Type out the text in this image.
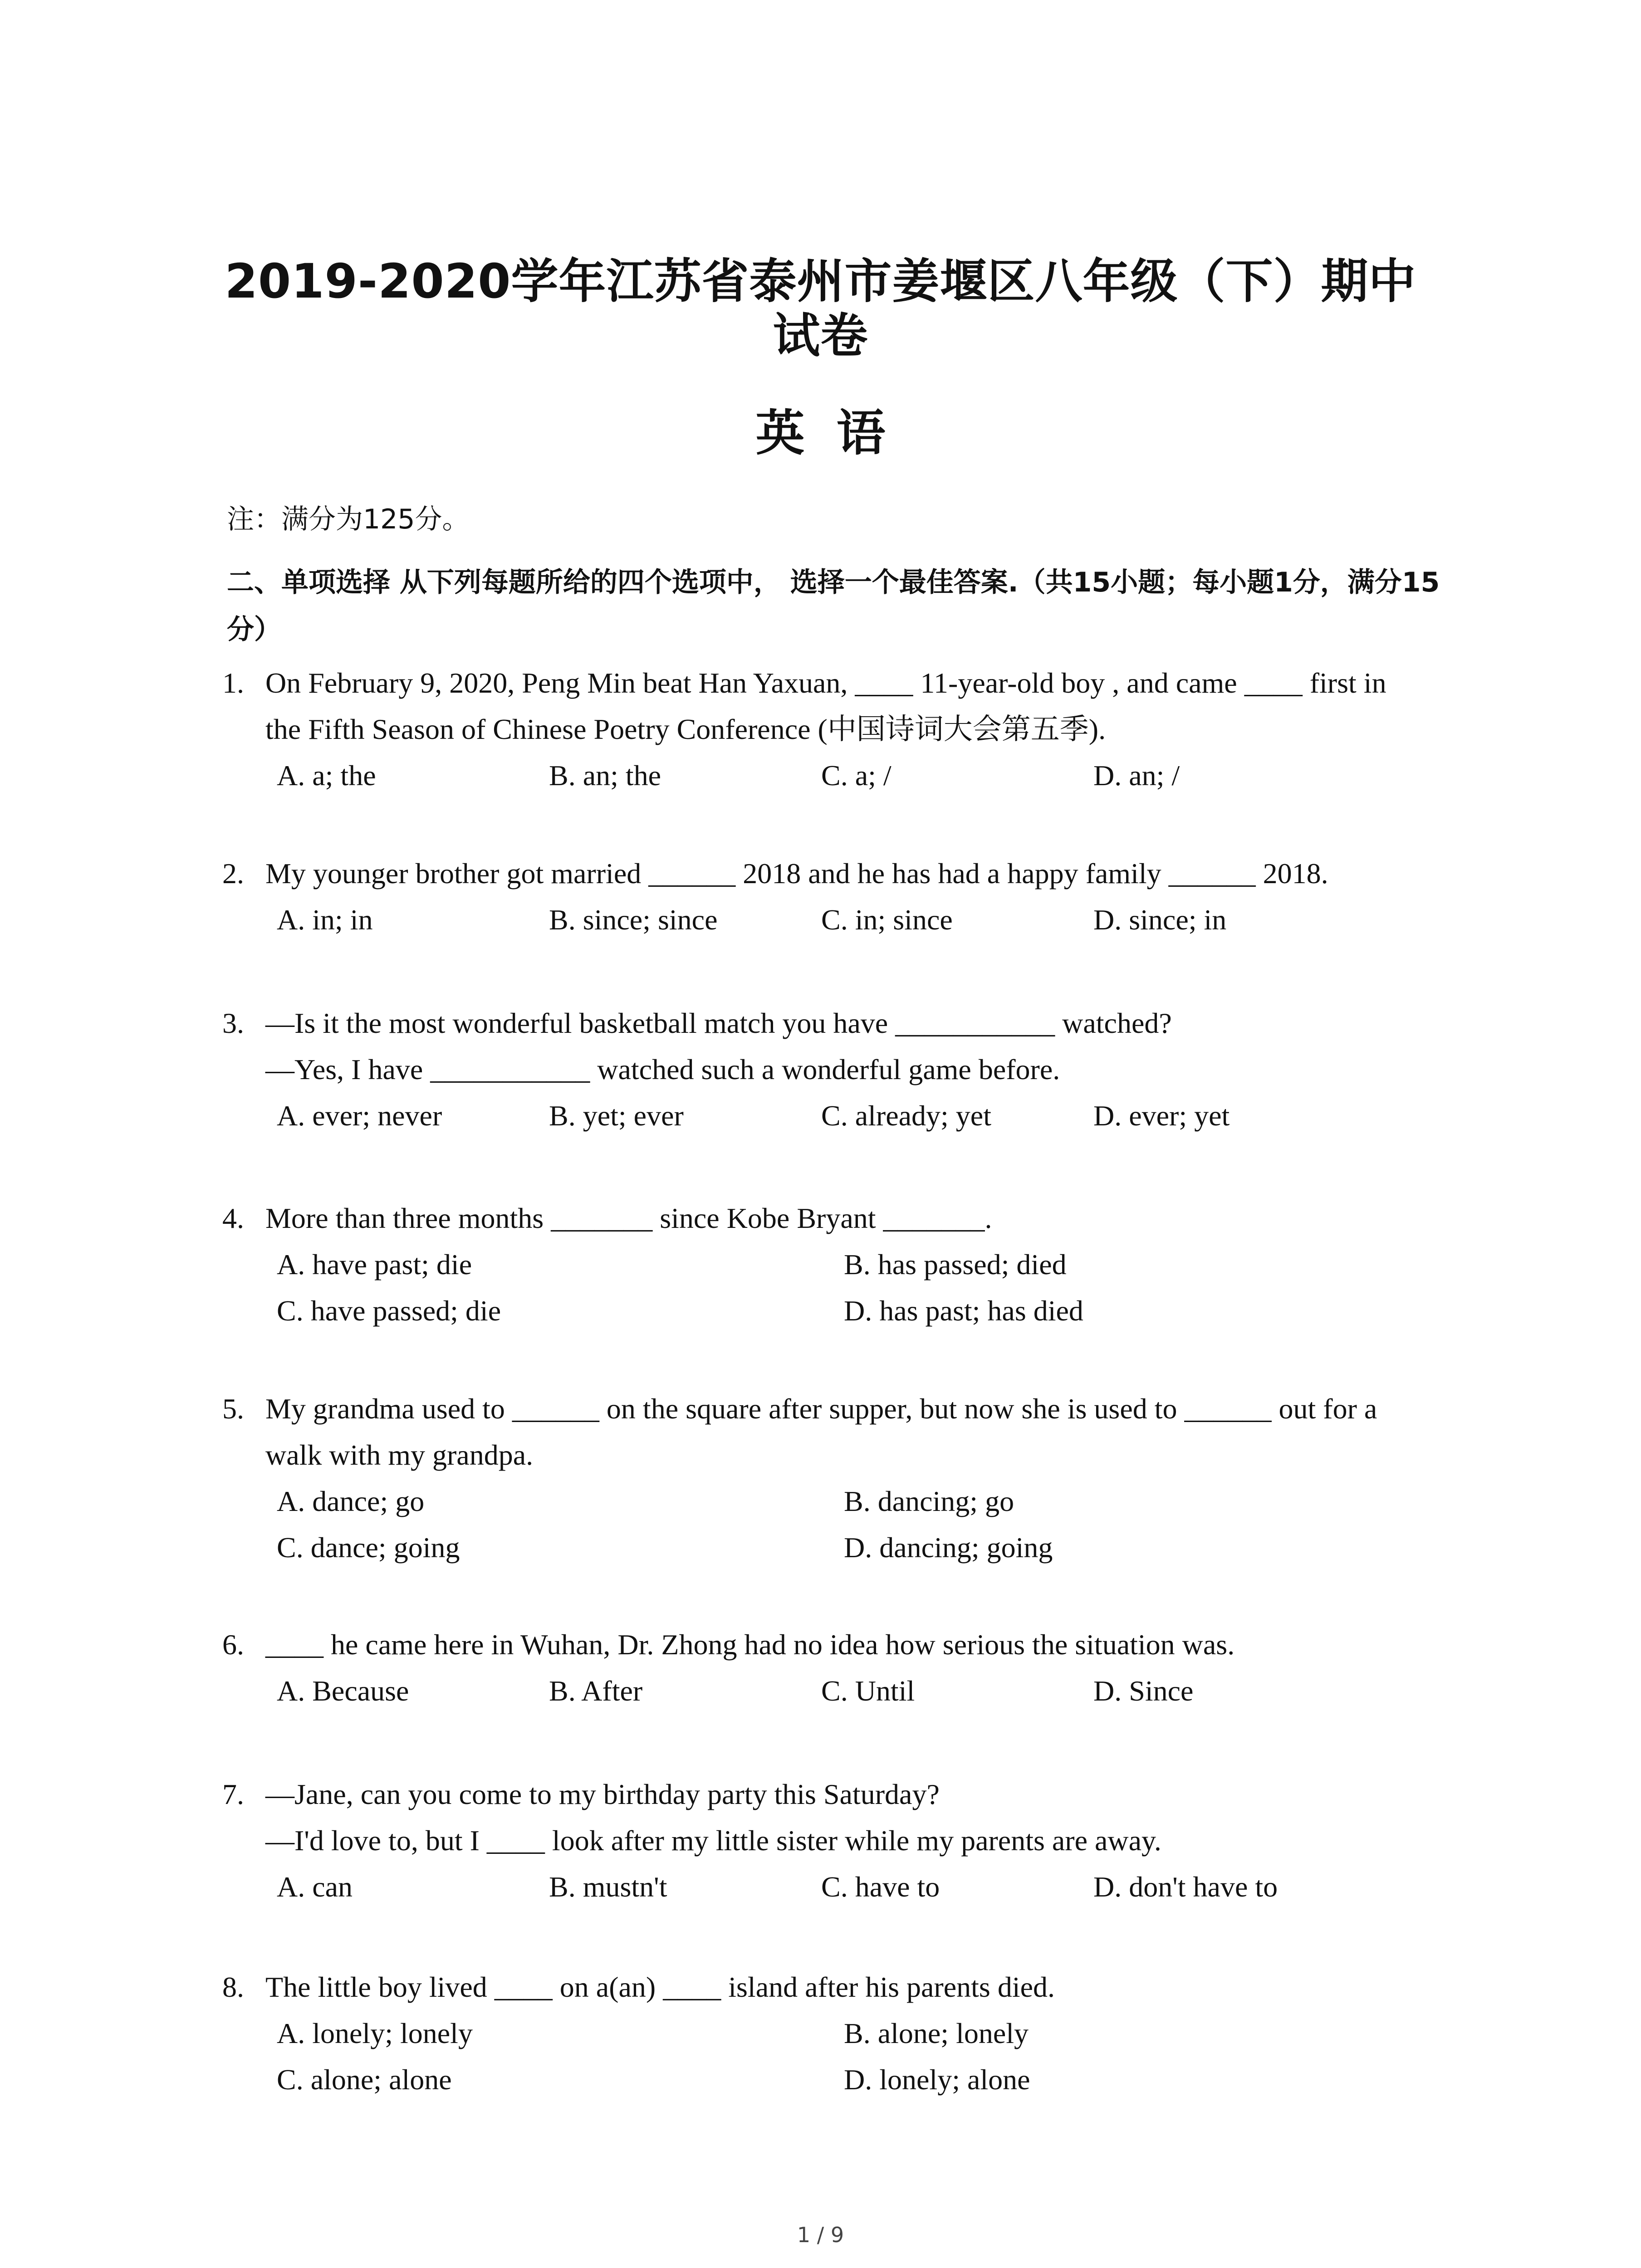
2019-2020学年江苏省泰州市姜堰区八年级（下）期中
试卷
英语
注：满分为125分。
二、单项选择 从下列每题所给的四个选项中， 选择一个最佳答案.（共15小题；每小题1分，满分15分）
1. On February 9, 2020, Peng Min beat Han Yaxuan, ____ 11-year-old boy , and came ____ first in
the Fifth Season of Chinese Poetry Conference (中国诗词大会第五季).
A. a; the	B. an; the	C. a; /	D. an; /
2. My younger brother got married ______ 2018 and he has had a happy family ______ 2018.
A. in; in	B. since; since	C. in; since	D. since; in
3. —Is it the most wonderful basketball match you have ___________ watched?
—Yes, I have ___________ watched such a wonderful game before.
A. ever; never	B. yet; ever	C. already; yet	D. ever; yet
4. More than three months _______ since Kobe Bryant _______.
A. have past; die	B. has passed; died
C. have passed; die	D. has past; has died
5. My grandma used to ______ on the square after supper, but now she is used to ______ out for a
walk with my grandpa.
A. dance; go	B. dancing; go
C. dance; going	D. dancing; going
6. ____ he came here in Wuhan, Dr. Zhong had no idea how serious the situation was.
A. Because	B. After	C. Until	D. Since
7. —Jane, can you come to my birthday party this Saturday?
—I'd love to, but I ____ look after my little sister while my parents are away.
A. can	B. mustn't	C. have to	D. don't have to
8. The little boy lived ____ on a(an) ____ island after his parents died.
A. lonely; lonely	B. alone; lonely
C. alone; alone	D. lonely; alone
1 / 9
